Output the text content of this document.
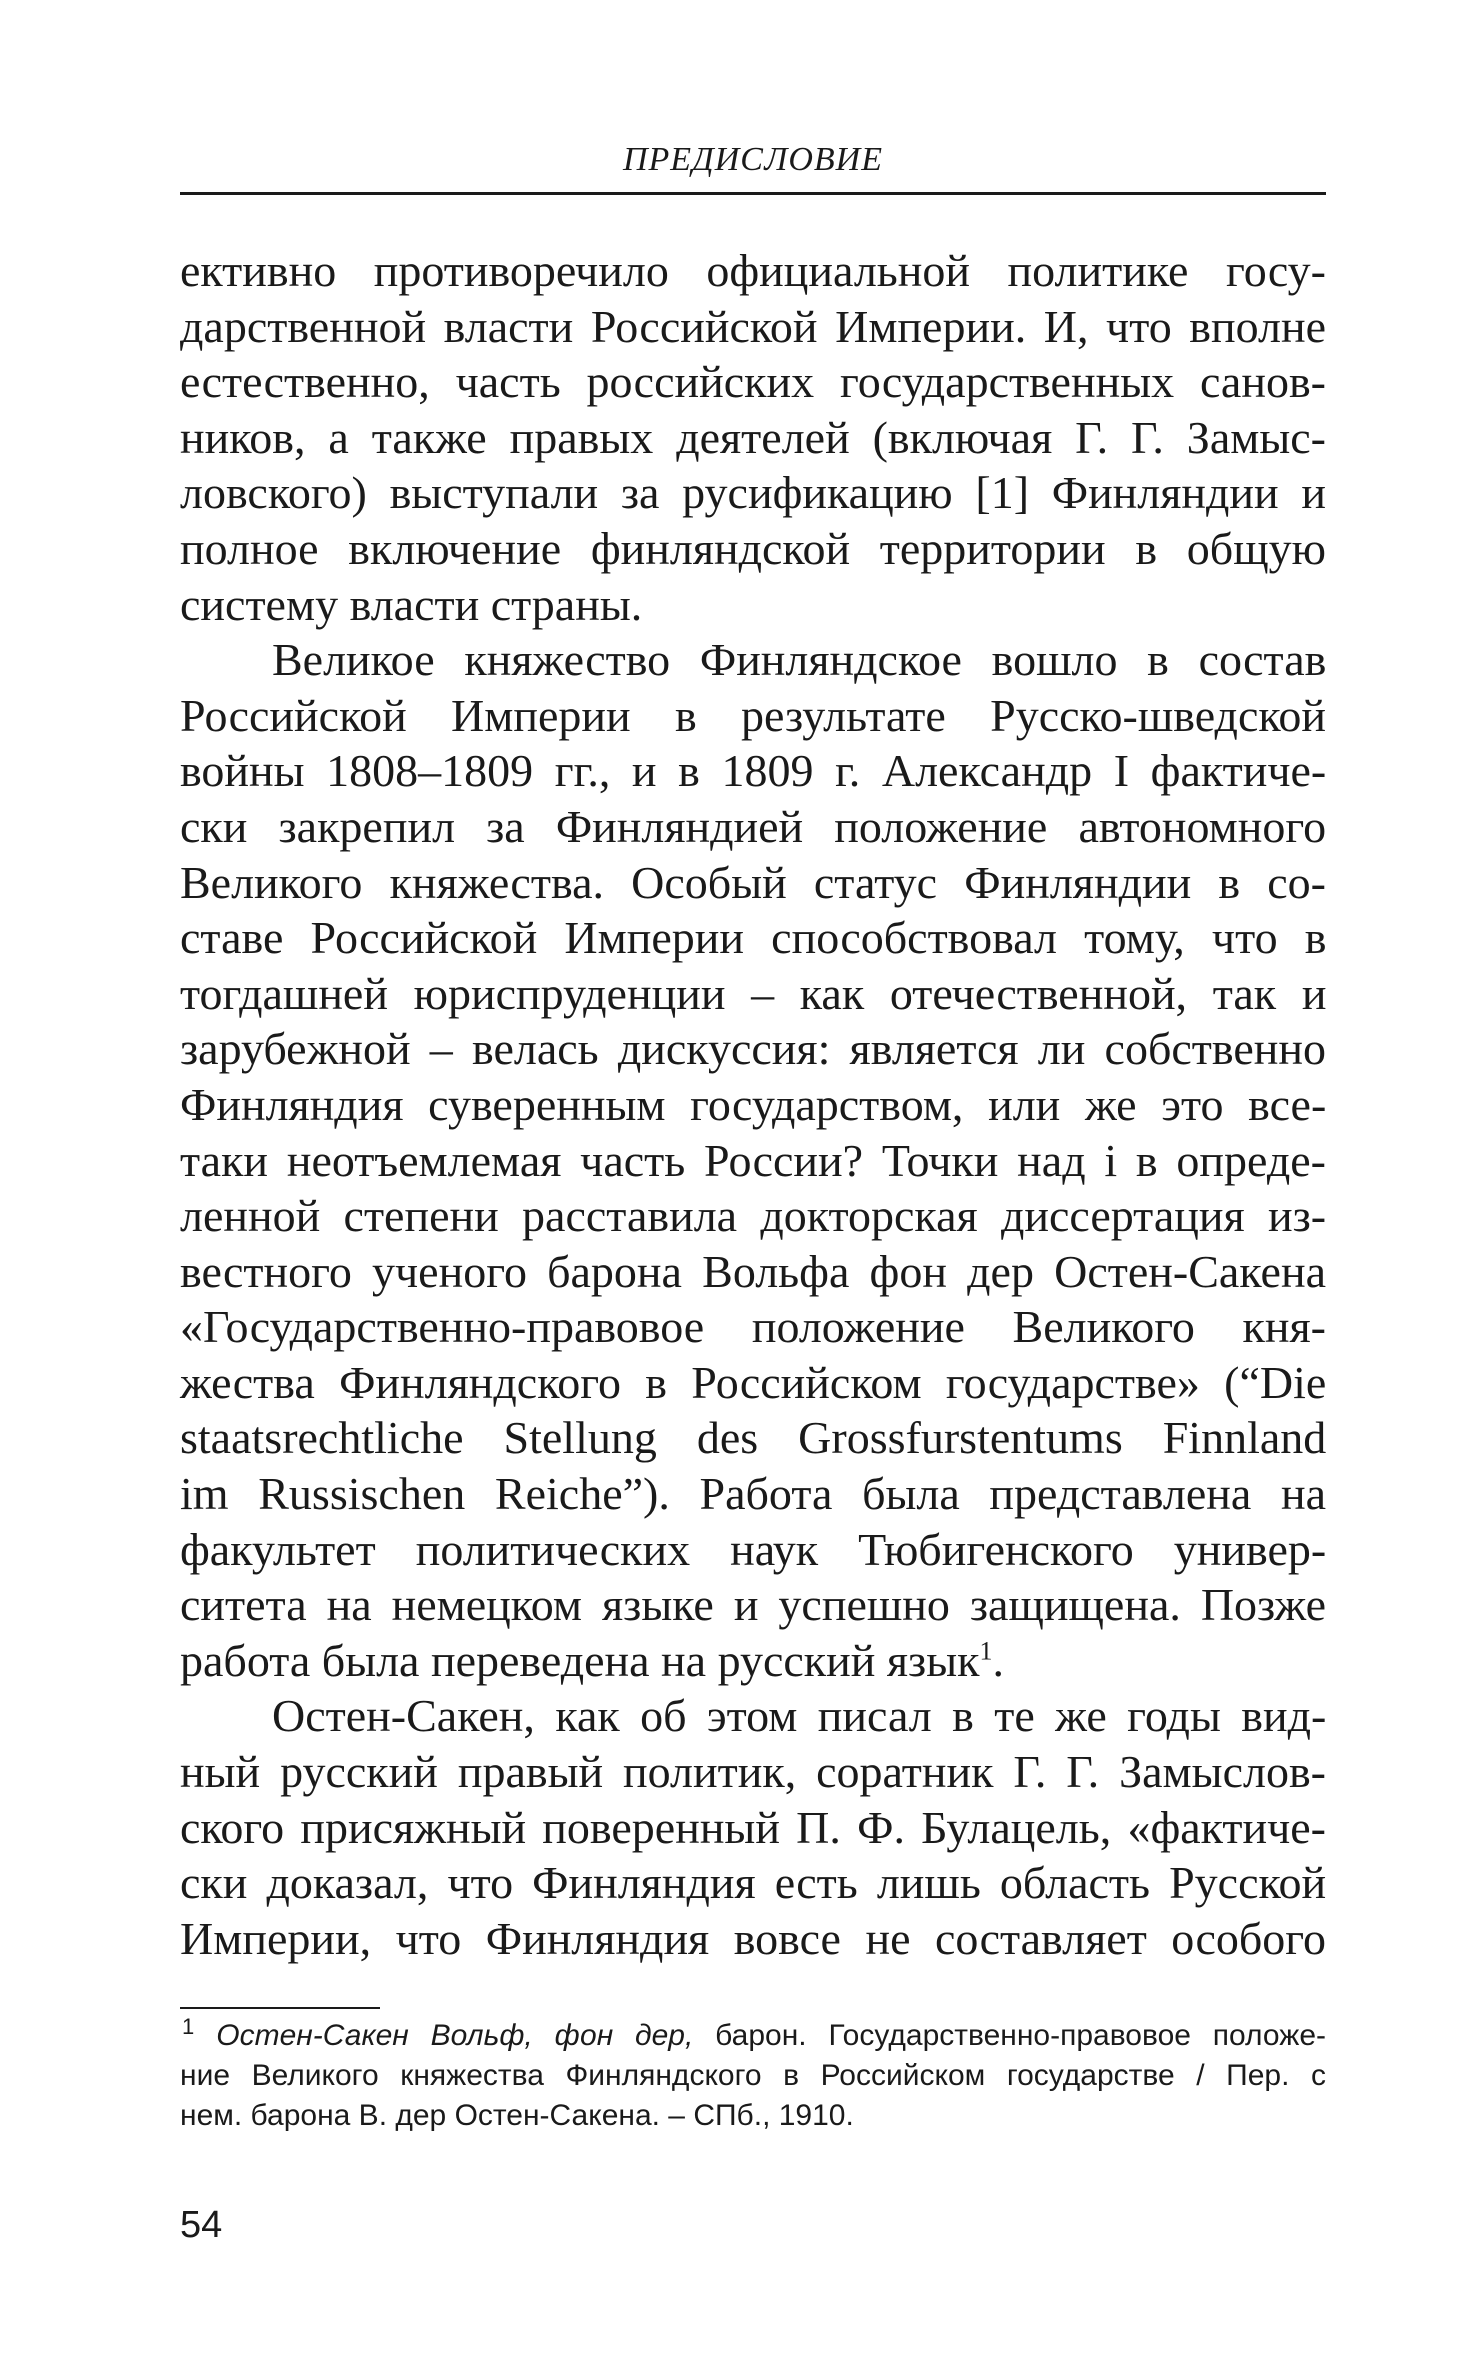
ПРЕДИСЛОВИЕ

ективно противоречило официальной политике госу-
дарственной власти Российской Империи. И, что вполне
естественно, часть российских государственных санов-
ников, а также правых деятелей (включая Г. Г. Замыс-
ловского) выступали за русификацию [1] Финляндии и
полное включение финляндской территории в общую
систему власти страны.

Великое княжество Финляндское вошло в состав
Российской Империи в результате Русско-шведской
войны 1808–1809 гг., и в 1809 г. Александр I фактиче-
ски закрепил за Финляндией положение автономного
Великого княжества. Особый статус Финляндии в со-
ставе Российской Империи способствовал тому, что в
тогдашней юриспруденции – как отечественной, так и
зарубежной – велась дискуссия: является ли собственно
Финляндия суверенным государством, или же это все-
таки неотъемлемая часть России? Точки над i в опреде-
ленной степени расставила докторская диссертация из-
вестного ученого барона Вольфа фон дер Остен-Сакена
«Государственно-правовое положение Великого кня-
жества Финляндского в Российском государстве» (“Die
staatsrechtliche Stellung des Grossfurstentums Finnland
im Russischen Reiche”). Работа была представлена на
факультет политических наук Тюбигенского универ-
ситета на немецком языке и успешно защищена. Позже
работа была переведена на русский язык$^1$.

Остен-Сакен, как об этом писал в те же годы вид-
ный русский правый политик, соратник Г. Г. Замыслов-
ского присяжный поверенный П. Ф. Булацель, «фактиче-
ски доказал, что Финляндия есть лишь область Русской
Империи, что Финляндия вовсе не составляет особого

$^1$ Остен-Сакен Вольф, фон дер, барон. Государственно-правовое положе-
ние Великого княжества Финляндского в Российском государстве / Пер. с
нем. барона В. дер Остен-Сакена. – СПб., 1910.
54
